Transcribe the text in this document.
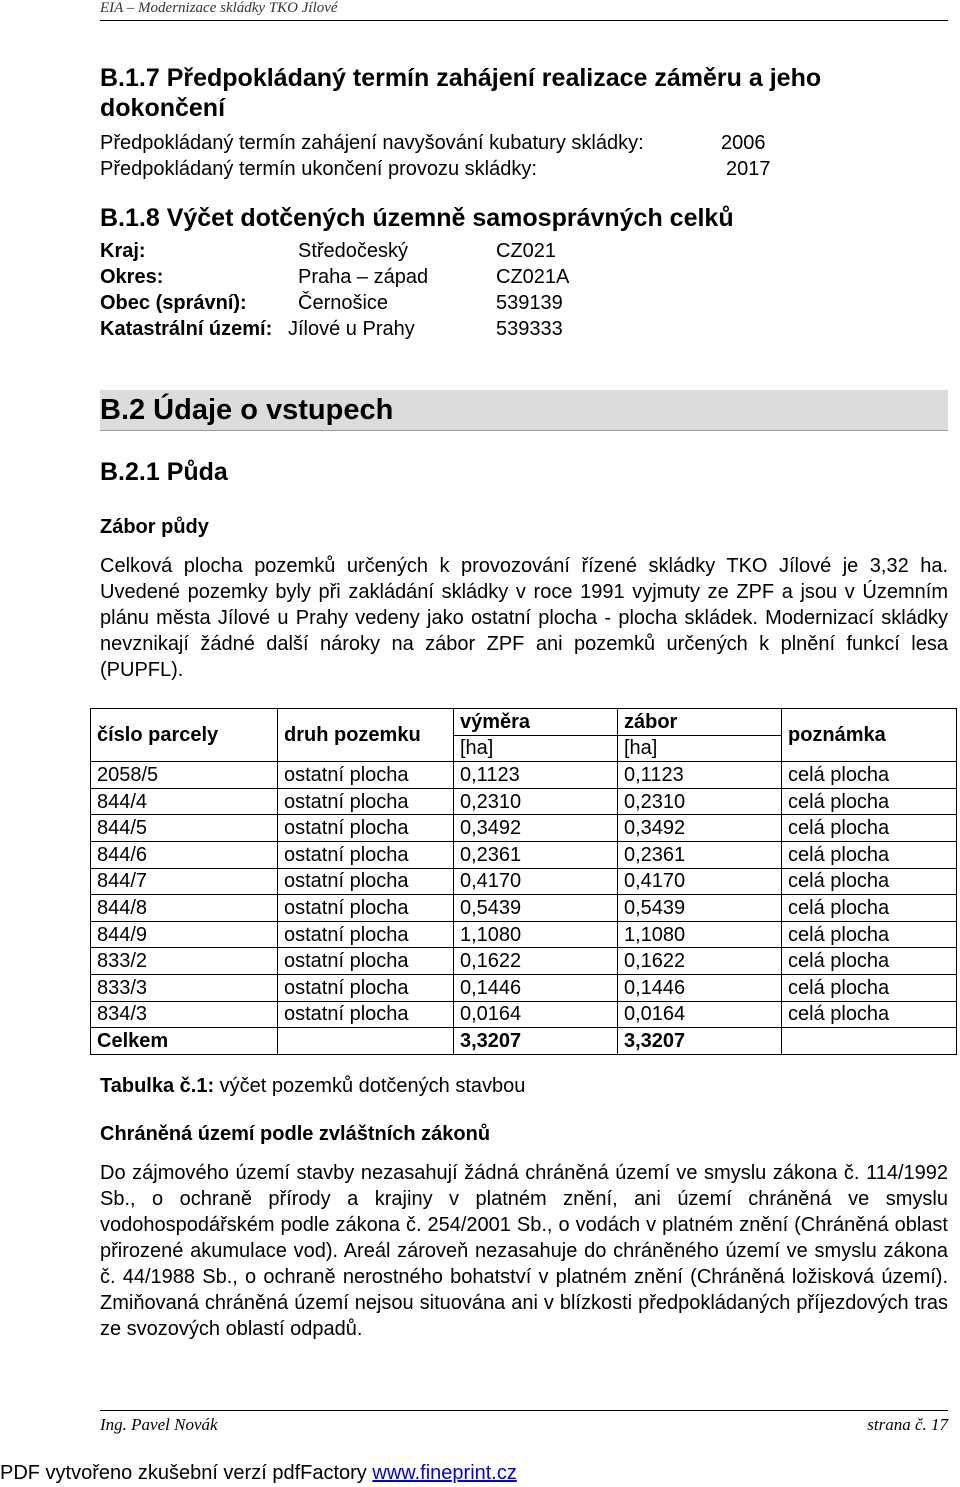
EIA – Modernizace skládky TKO Jílové
B.1.7 Předpokládaný termín zahájení realizace záměru a jeho
dokončení
Předpokládaný termín zahájení navyšování kubatury skládky:	2006
Předpokládaný termín ukončení provozu skládky:	2017
B.1.8 Výčet dotčených územně samosprávných celků
Kraj:	Středočeský	CZ021
Okres:	Praha – západ	CZ021A
Obec (správní):	Černošice	539139
Katastrální území: Jílové u Prahy	539333
B.2 Údaje o vstupech
B.2.1 Půda
Zábor půdy

Celková plocha pozemků určených k provozování řízené skládky TKO Jílové je 3,32 ha. Uvedené pozemky byly při zakládání skládky v roce 1991 vyjmuty ze ZPF a jsou v Územním plánu města Jílové u Prahy vedeny jako ostatní plocha - plocha skládek. Modernizací skládky nevznikají žádné další nároky na zábor ZPF ani pozemků určených k plnění funkcí lesa (PUPFL).

číslo parcely	druh pozemku	výměra	zábor	poznámka
		[ha]	[ha]	
2058/5	ostatní plocha	0,1123	0,1123	celá plocha
844/4	ostatní plocha	0,2310	0,2310	celá plocha
844/5	ostatní plocha	0,3492	0,3492	celá plocha
844/6	ostatní plocha	0,2361	0,2361	celá plocha
844/7	ostatní plocha	0,4170	0,4170	celá plocha
844/8	ostatní plocha	0,5439	0,5439	celá plocha
844/9	ostatní plocha	1,1080	1,1080	celá plocha
833/2	ostatní plocha	0,1622	0,1622	celá plocha
833/3	ostatní plocha	0,1446	0,1446	celá plocha
834/3	ostatní plocha	0,0164	0,0164	celá plocha
Celkem		3,3207	3,3207	
Tabulka č.1: výčet pozemků dotčených stavbou
Chráněná území podle zvláštních zákonů

Do zájmového území stavby nezasahují žádná chráněná území ve smyslu zákona č. 114/1992 Sb., o ochraně přírody a krajiny v platném znění, ani území chráněná ve smyslu vodohospodářském podle zákona č. 254/2001 Sb., o vodách v platném znění (Chráněná oblast přirozené akumulace vod). Areál zároveň nezasahuje do chráněného území ve smyslu zákona č. 44/1988 Sb., o ochraně nerostného bohatství v platném znění (Chráněná ložisková území). Zmiňovaná chráněná území nejsou situována ani v blízkosti předpokládaných příjezdových tras ze svozových oblastí odpadů.

Ing. Pavel Novák	strana č. 17
PDF vytvořeno zkušební verzí pdfFactory www.fineprint.cz
